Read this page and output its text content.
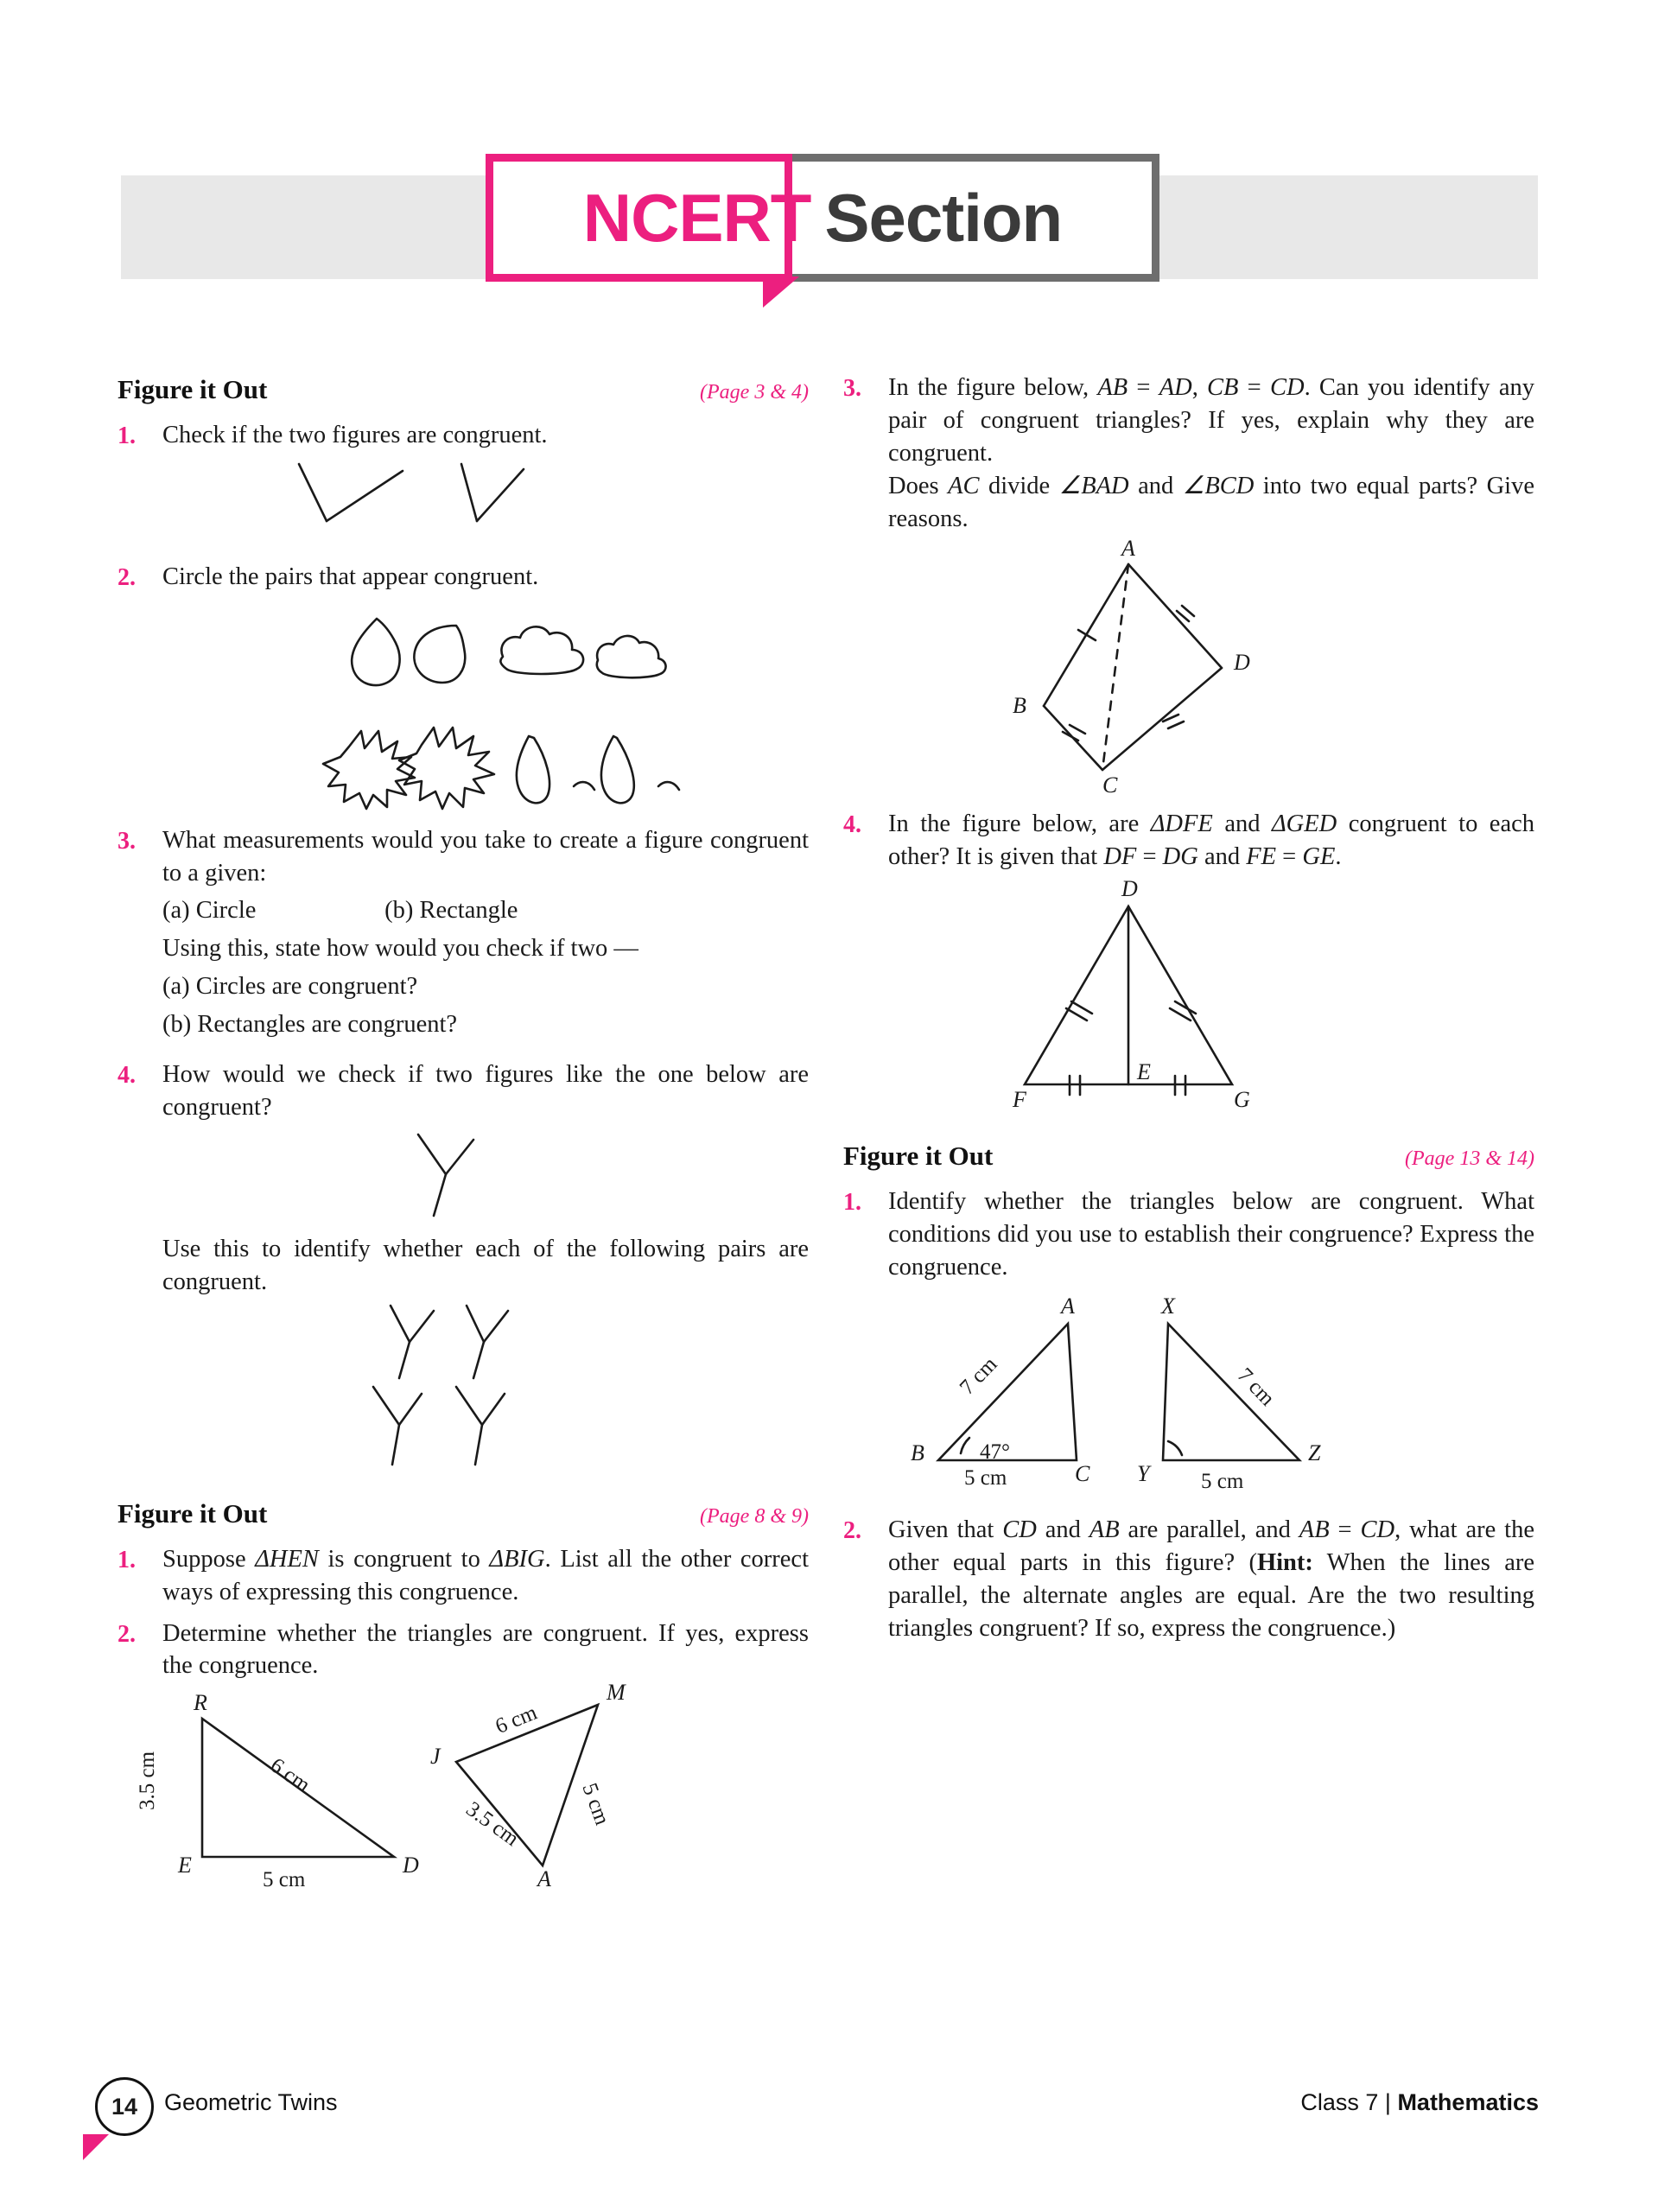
NCERT Section
Figure it Out	(Page 3 & 4)
1.	Check if the two figures are congruent.
2.	Circle the pairs that appear congruent.
3.	What measurements would you take to create a figure congruent to a given:
(a) Circle	(b) Rectangle
Using this, state how would you check if two —
(a) Circles are congruent?
(b) Rectangles are congruent?
4.	How would we check if two figures like the one below are congruent?
Use this to identify whether each of the following pairs are congruent.
Figure it Out	(Page 8 & 9)
1.	Suppose ΔHEN is congruent to ΔBIG. List all the other correct ways of expressing this congruence.
2.	Determine whether the triangles are congruent. If yes, express the congruence.
R
E	D
M
J
A
3.5 cm	6 cm
5 cm
6 cm
5 cm
3.5 cm
3.	In the figure below, AB = AD, CB = CD. Can you identify any pair of congruent triangles? If yes, explain why they are congruent.
Does AC divide ∠BAD and ∠BCD into two equal parts? Give reasons.
A
B
C
D
4.	In the figure below, are ΔDFE and ΔGED congruent to each other? It is given that DF = DG and FE = GE.
D
E
F	G
Figure it Out	(Page 13 & 14)
1.	Identify whether the triangles below are congruent. What conditions did you use to establish their congruence? Express the congruence.
A
B
C
X
Y
Z
7 cm
47°
5 cm
7 cm
5 cm
2.	Given that CD and AB are parallel, and AB = CD, what are the other equal parts in this figure? (Hint: When the lines are parallel, the alternate angles are equal. Are the two resulting triangles congruent? If so, express the congruence.)
14	Geometric Twins	Class 7 | Mathematics
